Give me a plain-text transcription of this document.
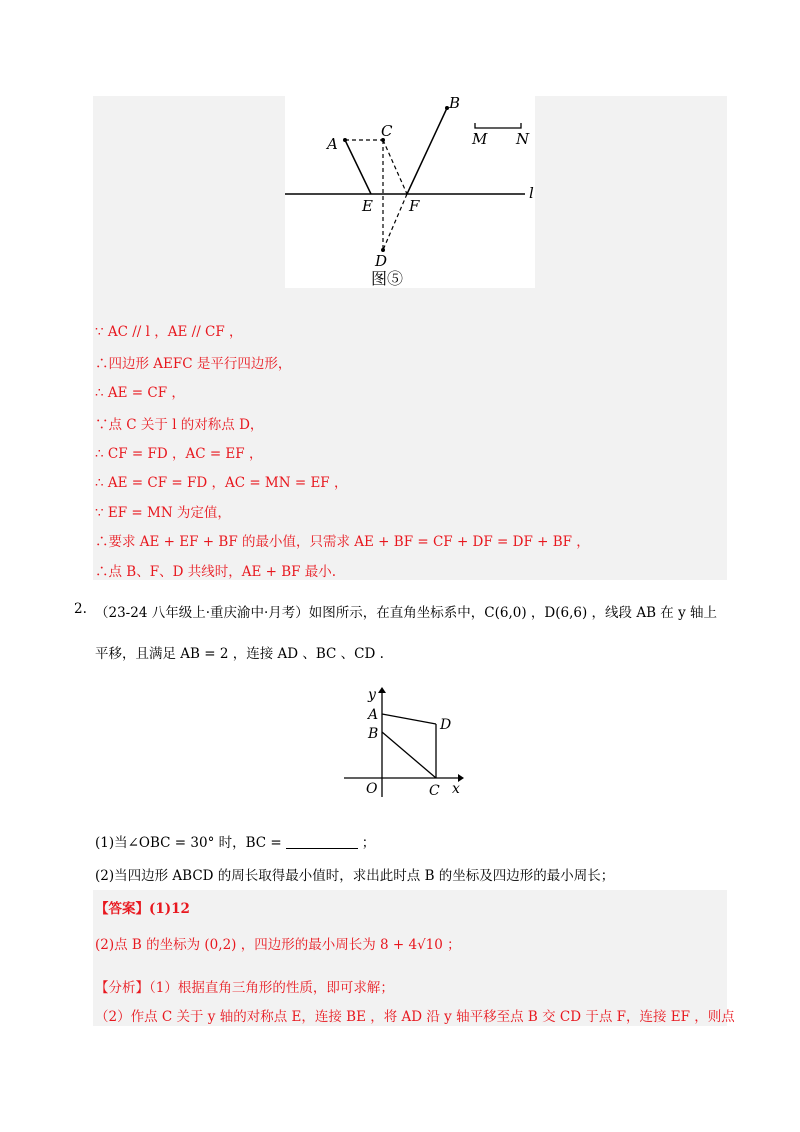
A
C
B
E F
D
M N
l
图⑤
∵ AC // l ，AE // CF ，
∴四边形 AEFC 是平行四边形，
∴ AE = CF ，
∵点 C 关于 l 的对称点 D，
∴ CF = FD ，AC = EF ，
∴ AE = CF = FD ，AC = MN = EF ，
∵ EF = MN 为定值，
∴要求 AE + EF + BF 的最小值，只需求 AE + BF = CF + DF = DF + BF ，
∴点 B、F、D 共线时，AE + BF 最小.
2. （23-24 八年级上·重庆渝中·月考）如图所示，在直角坐标系中，C(6,0) ，D(6,6) ，线段 AB 在 y 轴上
平移，且满足 AB = 2 ，连接 AD 、BC 、CD .
y
A
B
D
O	C x
(1)当∠OBC = 30° 时，BC =	；
(2)当四边形 ABCD 的周长取得最小值时，求出此时点 B 的坐标及四边形的最小周长；
【答案】(1)12
(2)点 B 的坐标为 (0,2) ，四边形的最小周长为 8 + 4√10 ；
【分析】（1）根据直角三角形的性质，即可求解；
（2）作点 C 关于 y 轴的对称点 E，连接 BE ，将 AD 沿 y 轴平移至点 B 交 CD 于点 F，连接 EF ，则点
